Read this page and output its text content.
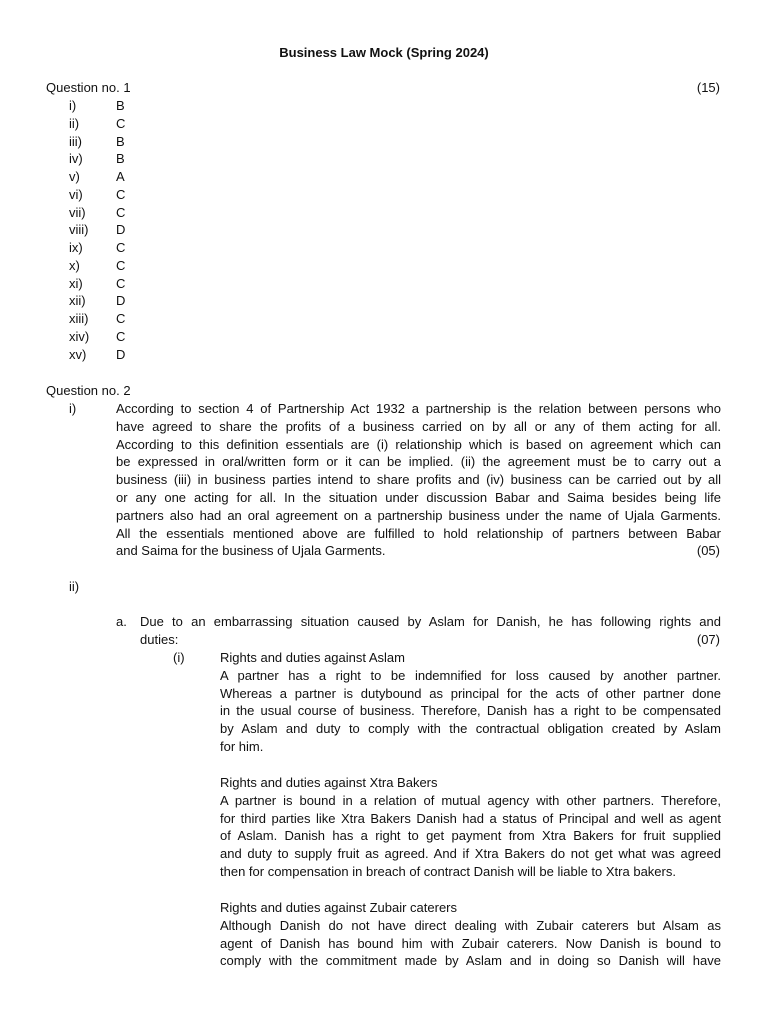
Business Law Mock (Spring 2024)
Question no. 1	(15)
i)	B
ii)	C
iii)	B
iv)	B
v)	A
vi)	C
vii)	C
viii)	D
ix)	C
x)	C
xi)	C
xii)	D
xiii)	C
xiv)	C
xv)	D
Question no. 2
i)	According to section 4 of Partnership Act 1932 a partnership is the relation between persons who
have agreed to share the profits of a business carried on by all or any of them acting for all.
According to this definition essentials are (i) relationship which is based on agreement which can
be expressed in oral/written form or it can be implied. (ii) the agreement must be to carry out a
business (iii) in business parties intend to share profits and (iv) business can be carried out by all
or any one acting for all. In the situation under discussion Babar and Saima besides being life
partners also had an oral agreement on a partnership business under the name of Ujala Garments.
All the essentials mentioned above are fulfilled to hold relationship of partners between Babar
and Saima for the business of Ujala Garments.	(05)
ii)
a. Due to an embarrassing situation caused by Aslam for Danish, he has following rights and
duties:	(07)
(i)	Rights and duties against Aslam
A partner has a right to be indemnified for loss caused by another partner.
Whereas a partner is dutybound as principal for the acts of other partner done
in the usual course of business. Therefore, Danish has a right to be compensated
by Aslam and duty to comply with the contractual obligation created by Aslam
for him.
Rights and duties against Xtra Bakers
A partner is bound in a relation of mutual agency with other partners. Therefore,
for third parties like Xtra Bakers Danish had a status of Principal and well as agent
of Aslam. Danish has a right to get payment from Xtra Bakers for fruit supplied
and duty to supply fruit as agreed. And if Xtra Bakers do not get what was agreed
then for compensation in breach of contract Danish will be liable to Xtra bakers.
Rights and duties against Zubair caterers
Although Danish do not have direct dealing with Zubair caterers but Alsam as
agent of Danish has bound him with Zubair caterers. Now Danish is bound to
comply with the commitment made by Aslam and in doing so Danish will have
